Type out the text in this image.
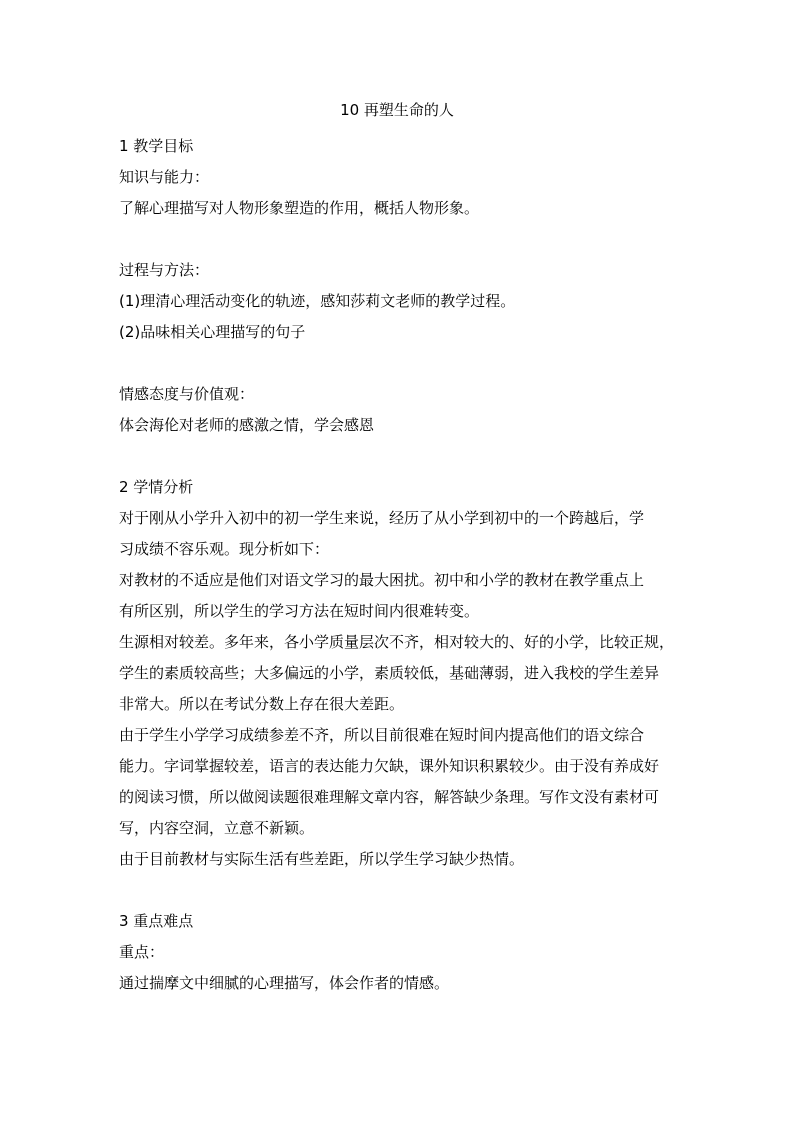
10 再塑生命的人
1 教学目标
知识与能力：
了解心理描写对人物形象塑造的作用，概括人物形象。
过程与方法：
(1)理清心理活动变化的轨迹，感知莎莉文老师的教学过程。
(2)品味相关心理描写的句子
情感态度与价值观：
体会海伦对老师的感激之情，学会感恩
2 学情分析
对于刚从小学升入初中的初一学生来说，经历了从小学到初中的一个跨越后，学
习成绩不容乐观。现分析如下：
对教材的不适应是他们对语文学习的最大困扰。初中和小学的教材在教学重点上
有所区别，所以学生的学习方法在短时间内很难转变。
生源相对较差。多年来，各小学质量层次不齐，相对较大的、好的小学，比较正规，
学生的素质较高些；大多偏远的小学，素质较低，基础薄弱，进入我校的学生差异
非常大。所以在考试分数上存在很大差距。
由于学生小学学习成绩参差不齐，所以目前很难在短时间内提高他们的语文综合
能力。字词掌握较差，语言的表达能力欠缺，课外知识积累较少。由于没有养成好
的阅读习惯，所以做阅读题很难理解文章内容，解答缺少条理。写作文没有素材可
写，内容空洞，立意不新颖。
由于目前教材与实际生活有些差距，所以学生学习缺少热情。
3 重点难点
重点：
通过揣摩文中细腻的心理描写，体会作者的情感。
